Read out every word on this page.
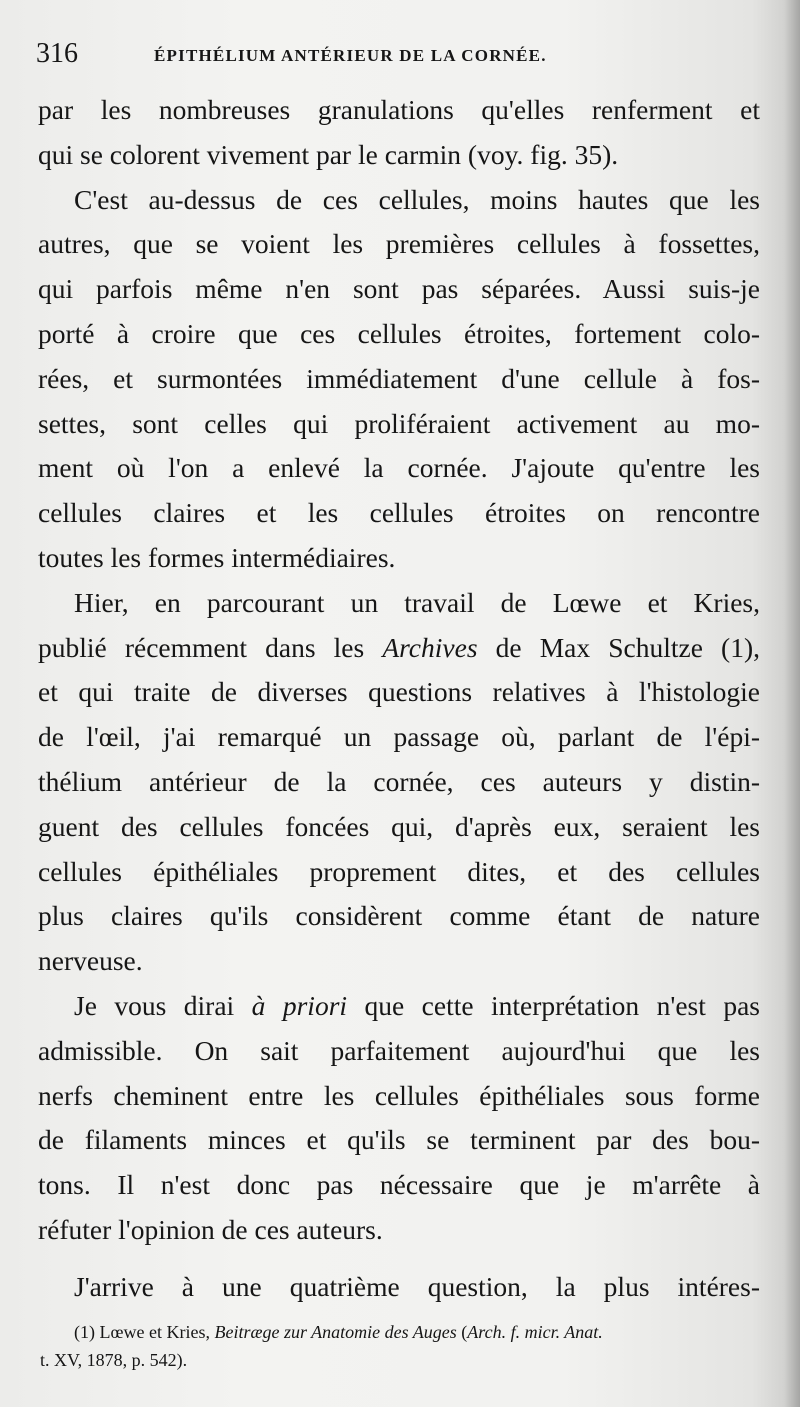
316	ÉPITHÉLIUM ANTÉRIEUR DE LA CORNÉE.
par les nombreuses granulations qu'elles renferment et
qui se colorent vivement par le carmin (voy. fig. 35).
C'est au-dessus de ces cellules, moins hautes que les
autres, que se voient les premières cellules à fossettes,
qui parfois même n'en sont pas séparées. Aussi suis-je
porté à croire que ces cellules étroites, fortement colo-
rées, et surmontées immédiatement d'une cellule à fos-
settes, sont celles qui proliféraient activement au mo-
ment où l'on a enlevé la cornée. J'ajoute qu'entre les
cellules claires et les cellules étroites on rencontre
toutes les formes intermédiaires.
Hier, en parcourant un travail de Lœwe et Kries,
publié récemment dans les Archives de Max Schultze (1),
et qui traite de diverses questions relatives à l'histologie
de l'œil, j'ai remarqué un passage où, parlant de l'épi-
thélium antérieur de la cornée, ces auteurs y distin-
guent des cellules foncées qui, d'après eux, seraient les
cellules épithéliales proprement dites, et des cellules
plus claires qu'ils considèrent comme étant de nature
nerveuse.
Je vous dirai à priori que cette interprétation n'est pas
admissible. On sait parfaitement aujourd'hui que les
nerfs cheminent entre les cellules épithéliales sous forme
de filaments minces et qu'ils se terminent par des bou-
tons. Il n'est donc pas nécessaire que je m'arrête à
réfuter l'opinion de ces auteurs.
J'arrive à une quatrième question, la plus intéres-
(1) Lœwe et Kries, Beitræge zur Anatomie des Auges (Arch. f. micr. Anat.
t. XV, 1878, p. 542).
